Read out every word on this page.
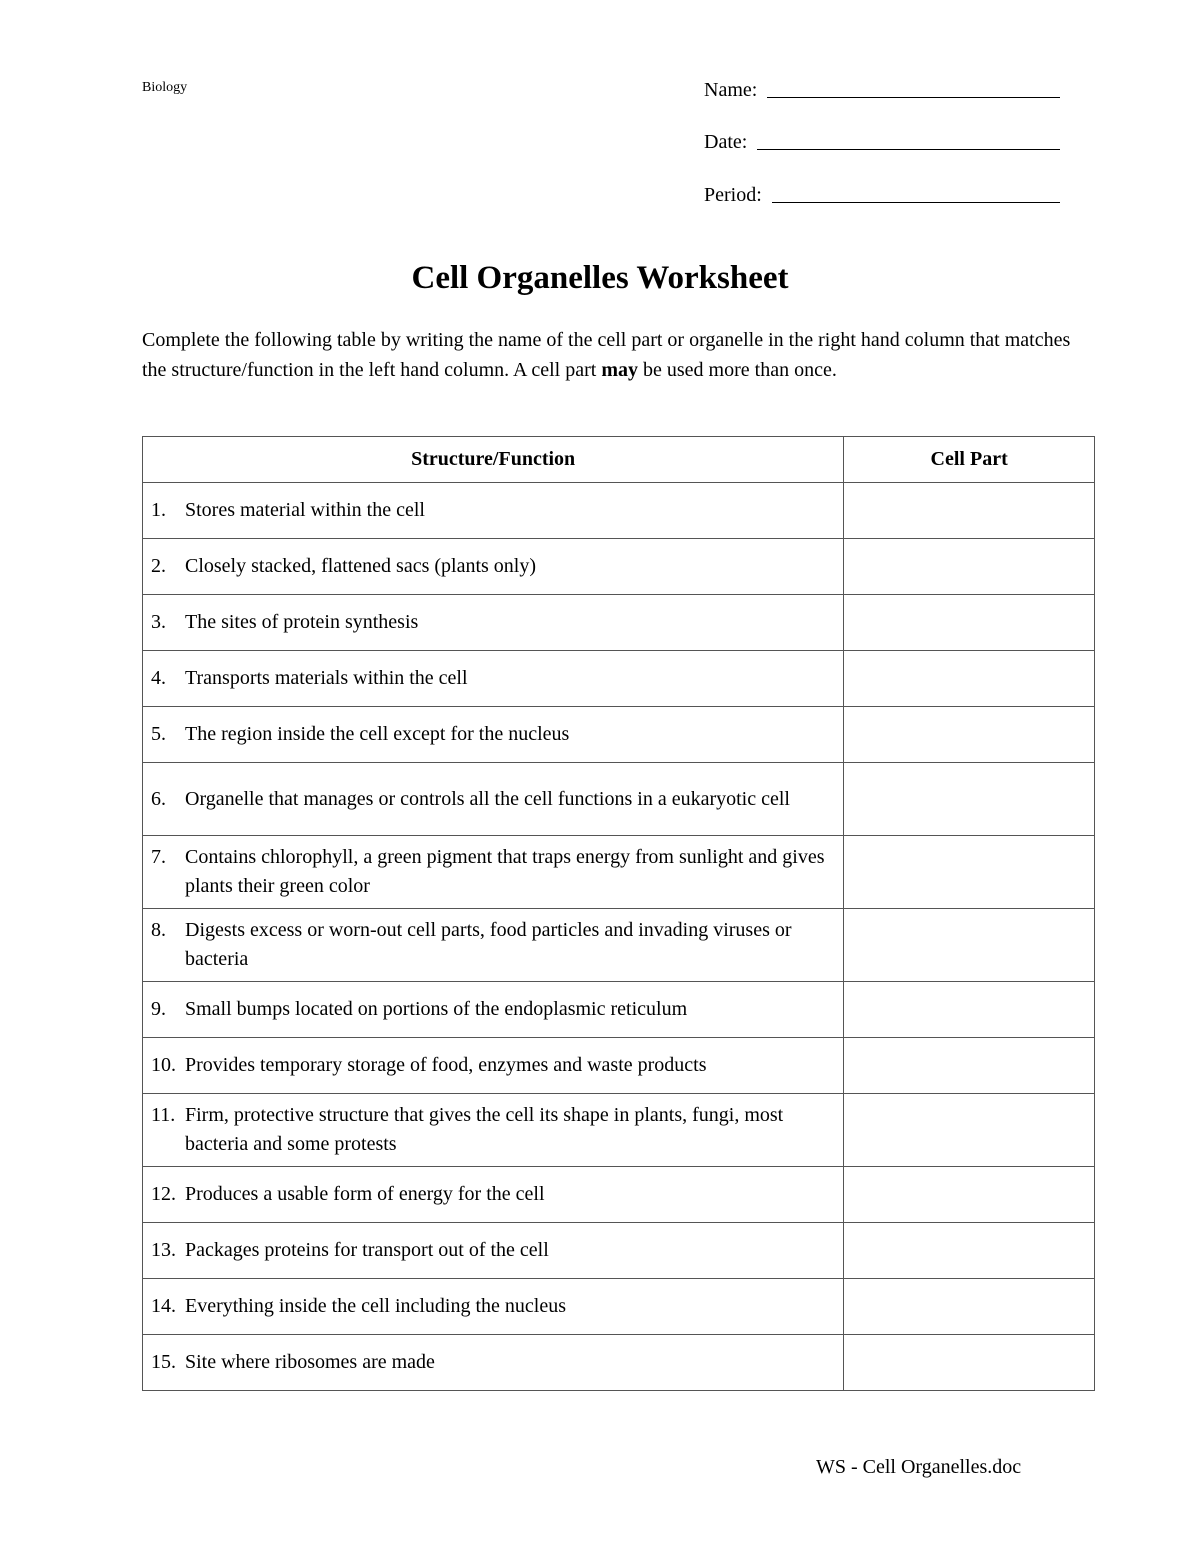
Biology	Name:
Date:
Period:
Cell Organelles Worksheet
Complete the following table by writing the name of the cell part or organelle in the right hand column that matches the structure/function in the left hand column. A cell part may be used more than once.
Structure/Function	Cell Part

1. Stores material within the cell	

2. Closely stacked, flattened sacs (plants only)	

3. The sites of protein synthesis	

4. Transports materials within the cell	

5. The region inside the cell except for the nucleus	

6. Organelle that manages or controls all the cell functions in a eukaryotic cell	

7. Contains chlorophyll, a green pigment that traps energy from sunlight and gives plants their green color	

8. Digests excess or worn-out cell parts, food particles and invading viruses or bacteria	

9. Small bumps located on portions of the endoplasmic reticulum	

10. Provides temporary storage of food, enzymes and waste products	

11. Firm, protective structure that gives the cell its shape in plants, fungi, most bacteria and some protests	

12. Produces a usable form of energy for the cell	

13. Packages proteins for transport out of the cell	

14. Everything inside the cell including the nucleus	

15. Site where ribosomes are made	

WS - Cell Organelles.doc
